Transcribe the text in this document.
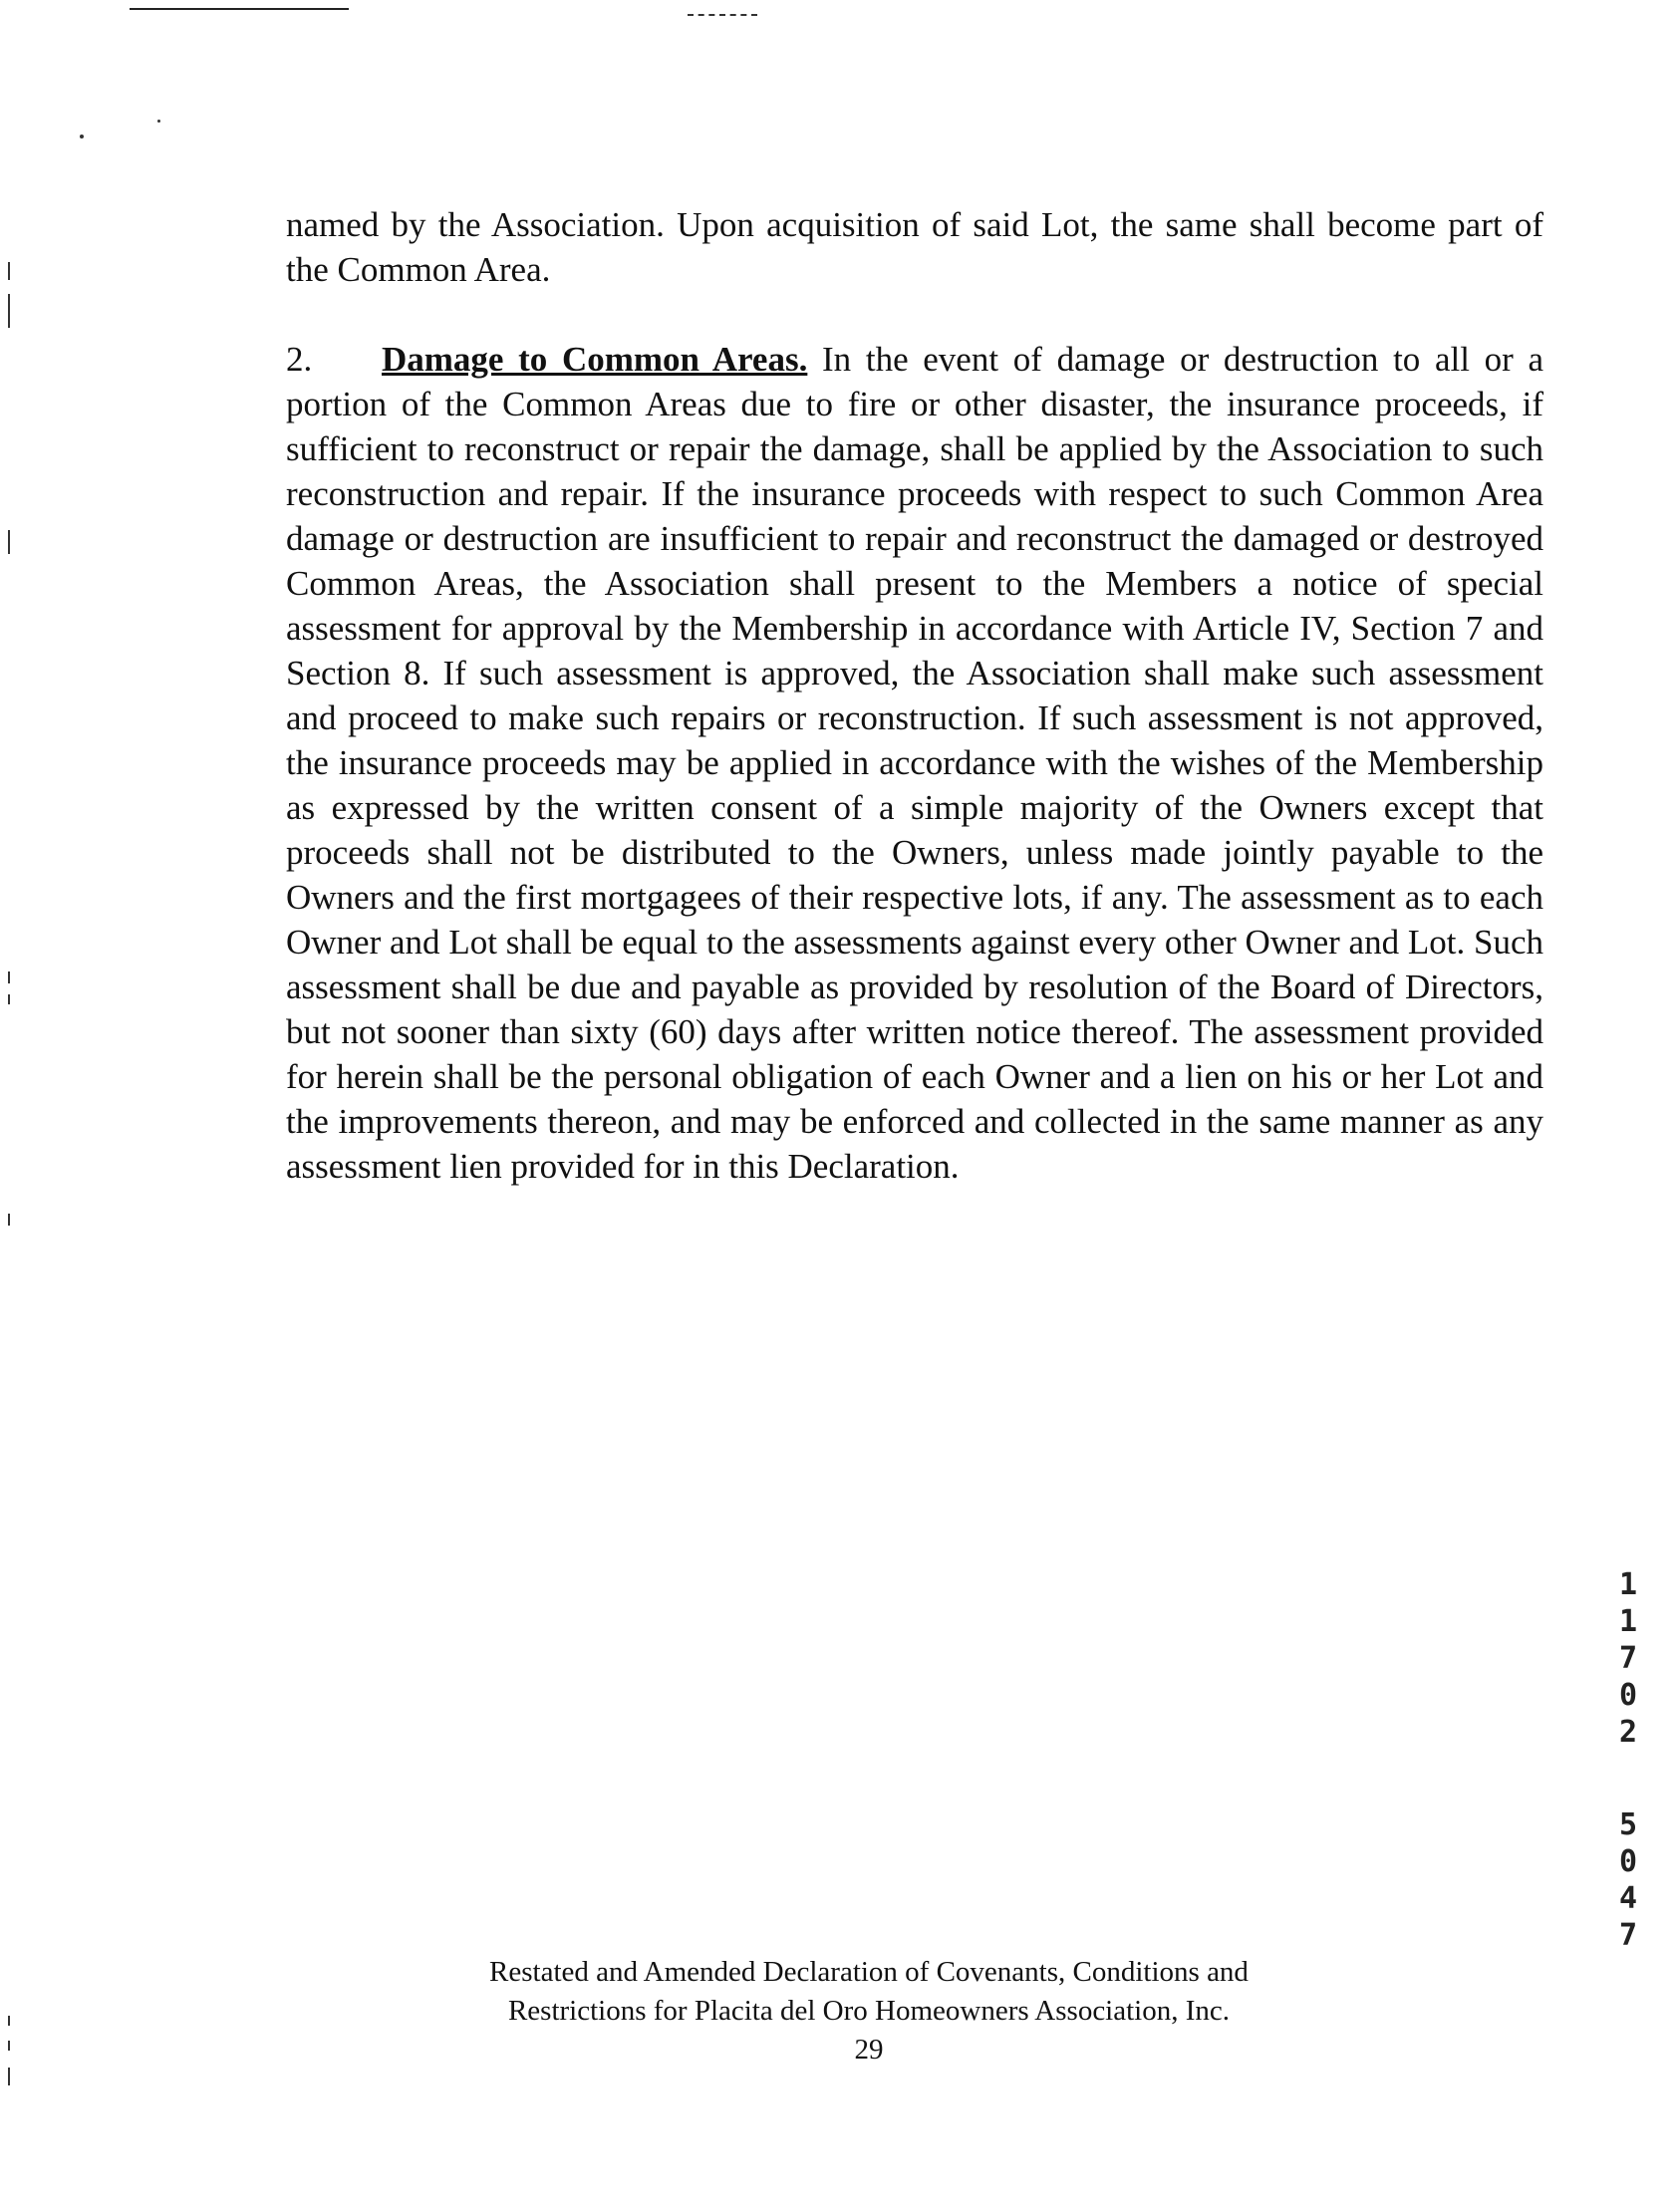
named by the Association. Upon acquisition of said Lot, the same shall become part of the Common Area.

2. Damage to Common Areas. In the event of damage or destruction to all or a portion of the Common Areas due to fire or other disaster, the insurance proceeds, if sufficient to reconstruct or repair the damage, shall be applied by the Association to such reconstruction and repair. If the insurance proceeds with respect to such Common Area damage or destruction are insufficient to repair and reconstruct the damaged or destroyed Common Areas, the Association shall present to the Members a notice of special assessment for approval by the Membership in accordance with Article IV, Section 7 and Section 8. If such assessment is approved, the Association shall make such assessment and proceed to make such repairs or reconstruction. If such assessment is not approved, the insurance proceeds may be applied in accordance with the wishes of the Membership as expressed by the written consent of a simple majority of the Owners except that proceeds shall not be distributed to the Owners, unless made jointly payable to the Owners and the first mortgagees of their respective lots, if any. The assessment as to each Owner and Lot shall be equal to the assessments against every other Owner and Lot. Such assessment shall be due and payable as provided by resolution of the Board of Directors, but not sooner than sixty (60) days after written notice thereof. The assessment provided for herein shall be the personal obligation of each Owner and a lien on his or her Lot and the improvements thereon, and may be enforced and collected in the same manner as any assessment lien provided for in this Declaration.

1
1
7
0
2
5
0
4
7
Restated and Amended Declaration of Covenants, Conditions and
Restrictions for Placita del Oro Homeowners Association, Inc.
29
